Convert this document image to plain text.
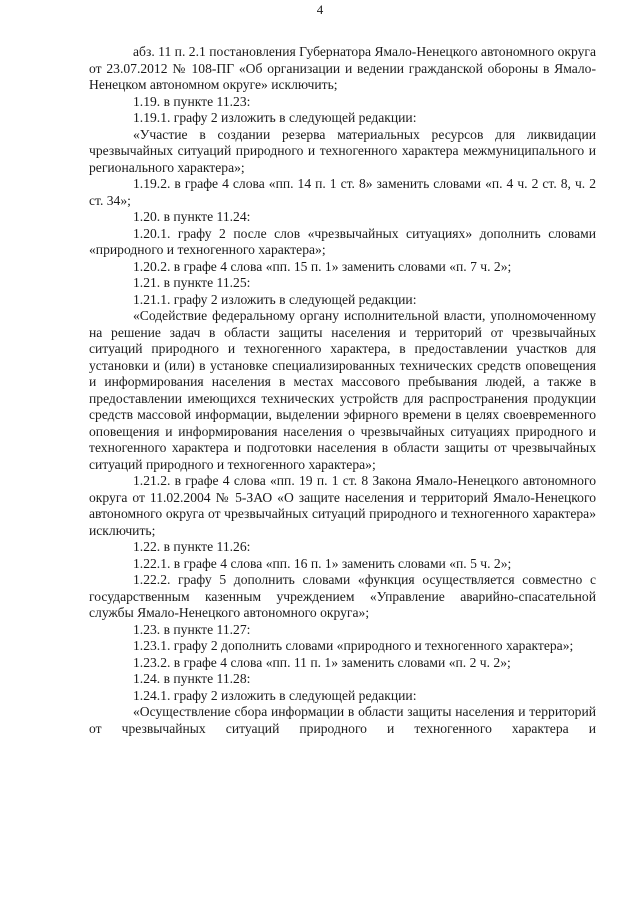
4

абз. 11 п. 2.1 постановления Губернатора Ямало-Ненецкого автономного округа от 23.07.2012 № 108-ПГ «Об организации и ведении гражданской обороны в Ямало-Ненецком автономном округе» исключить;

1.19. в пункте 11.23:

1.19.1. графу 2 изложить в следующей редакции:

«Участие в создании резерва материальных ресурсов для ликвидации чрезвычайных ситуаций природного и техногенного характера межмуниципального и регионального характера»;

1.19.2. в графе 4 слова «пп. 14 п. 1 ст. 8» заменить словами «п. 4 ч. 2 ст. 8, ч. 2 ст. 34»;

1.20. в пункте 11.24:

1.20.1. графу 2 после слов «чрезвычайных ситуациях» дополнить словами «природного и техногенного характера»;

1.20.2. в графе 4 слова «пп. 15 п. 1» заменить словами «п. 7 ч. 2»;

1.21. в пункте 11.25:

1.21.1. графу 2 изложить в следующей редакции:

«Содействие федеральному органу исполнительной власти, уполномоченному на решение задач в области защиты населения и территорий от чрезвычайных ситуаций природного и техногенного характера, в предоставлении участков для установки и (или) в установке специализированных технических средств оповещения и информирования населения в местах массового пребывания людей, а также в предоставлении имеющихся технических устройств для распространения продукции средств массовой информации, выделении эфирного времени в целях своевременного оповещения и информирования населения о чрезвычайных ситуациях природного и техногенного характера и подготовки населения в области защиты от чрезвычайных ситуаций природного и техногенного характера»;

1.21.2. в графе 4 слова «пп. 19 п. 1 ст. 8 Закона Ямало-Ненецкого автономного округа от 11.02.2004 № 5-ЗАО «О защите населения и территорий Ямало-Ненецкого автономного округа от чрезвычайных ситуаций природного и техногенного характера» исключить;

1.22. в пункте 11.26:

1.22.1. в графе 4 слова «пп. 16 п. 1» заменить словами «п. 5 ч. 2»;

1.22.2. графу 5 дополнить словами «функция осуществляется совместно с государственным казенным учреждением «Управление аварийно-спасательной службы Ямало-Ненецкого автономного округа»;

1.23. в пункте 11.27:

1.23.1. графу 2 дополнить словами «природного и техногенного характера»;

1.23.2. в графе 4 слова «пп. 11 п. 1» заменить словами «п. 2 ч. 2»;

1.24. в пункте 11.28:

1.24.1. графу 2 изложить в следующей редакции:

«Осуществление сбора информации в области защиты населения и территорий от чрезвычайных ситуаций природного и техногенного характера и
